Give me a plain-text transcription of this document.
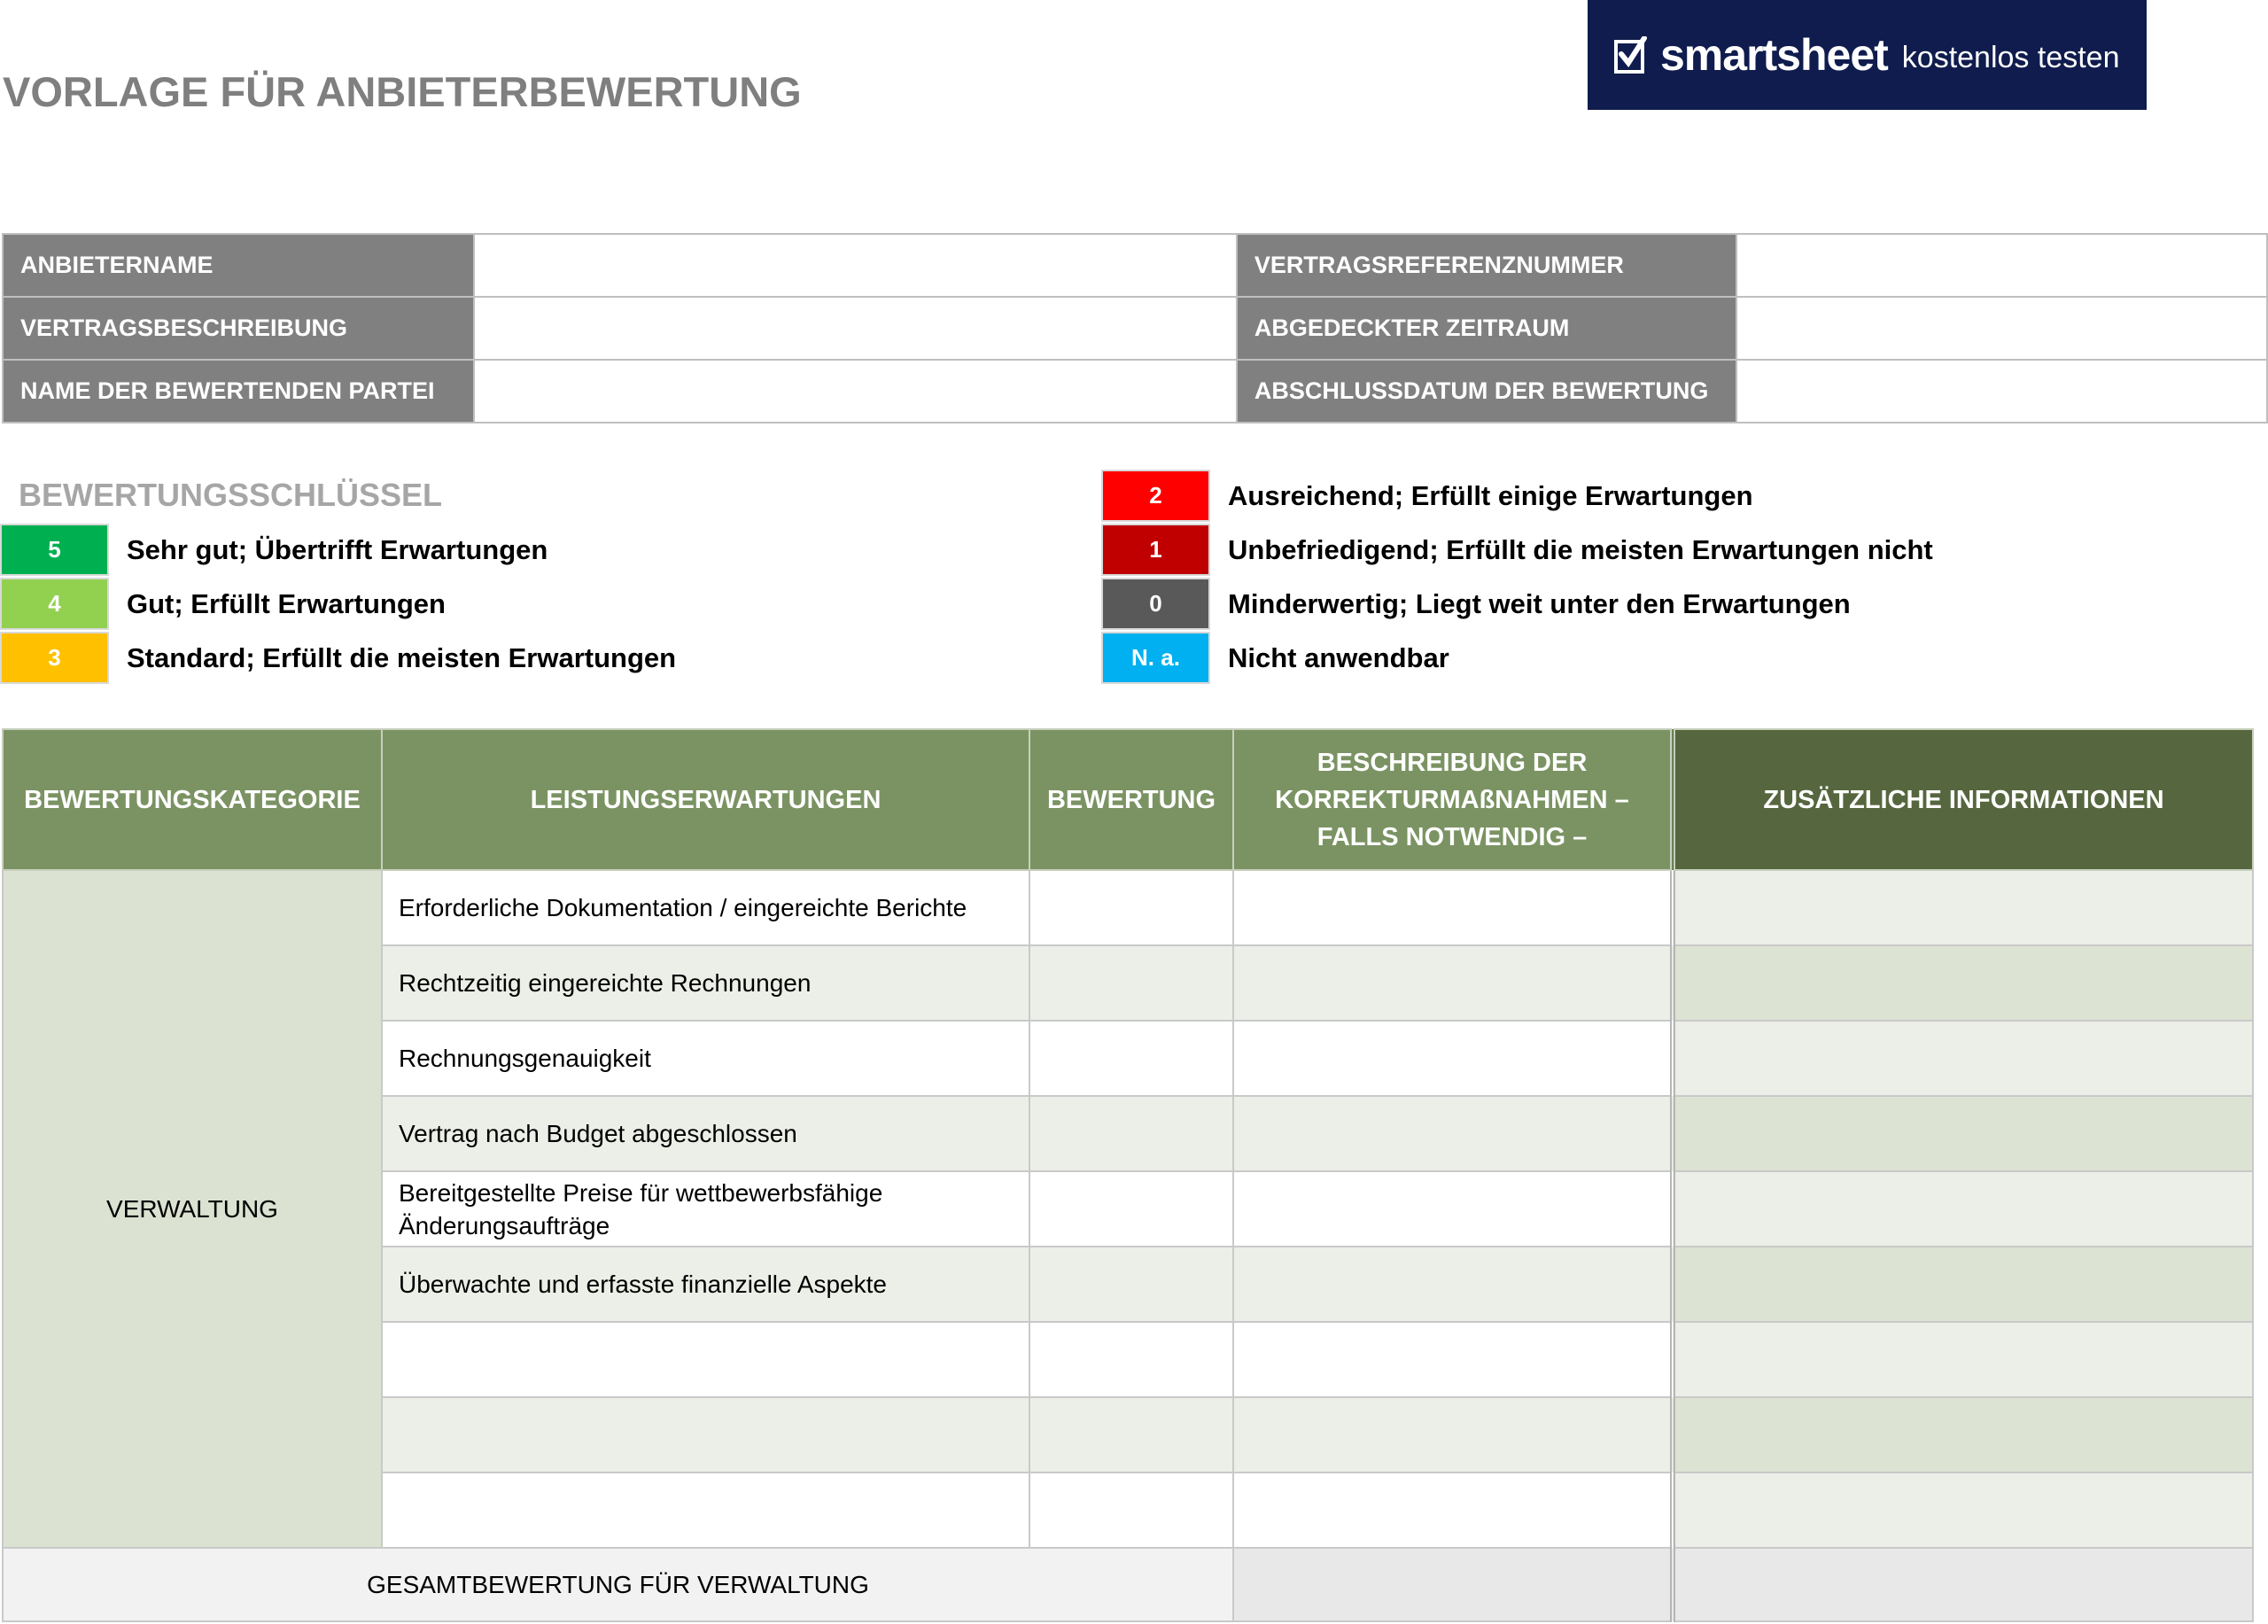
VORLAGE FÜR ANBIETERBEWERTUNG
smartsheet kostenlos testen
ANBIETERNAME		VERTRAGSREFERENZNUMMER	
VERTRAGSBESCHREIBUNG		ABGEDECKTER ZEITRAUM	
NAME DER BEWERTENDEN PARTEI		ABSCHLUSSDATUM DER BEWERTUNG	
BEWERTUNGSSCHLÜSSEL
5	Sehr gut; Übertrifft Erwartungen
4	Gut; Erfüllt Erwartungen
3	Standard; Erfüllt die meisten Erwartungen
2	Ausreichend; Erfüllt einige Erwartungen
1	Unbefriedigend; Erfüllt die meisten Erwartungen nicht
0	Minderwertig; Liegt weit unter den Erwartungen
N. a.	Nicht anwendbar
BEWERTUNGSKATEGORIE	LEISTUNGSERWARTUNGEN	BEWERTUNG	BESCHREIBUNG DER KORREKTURMAßNAHMEN – FALLS NOTWENDIG –	ZUSÄTZLICHE INFORMATIONEN
VERWALTUNG	Erforderliche Dokumentation / eingereichte Berichte			
	Rechtzeitig eingereichte Rechnungen			
	Rechnungsgenauigkeit			
	Vertrag nach Budget abgeschlossen			
	Bereitgestellte Preise für wettbewerbsfähige Änderungsaufträge			
	Überwachte und erfasste finanzielle Aspekte			

GESAMTBEWERTUNG FÜR VERWALTUNG				
